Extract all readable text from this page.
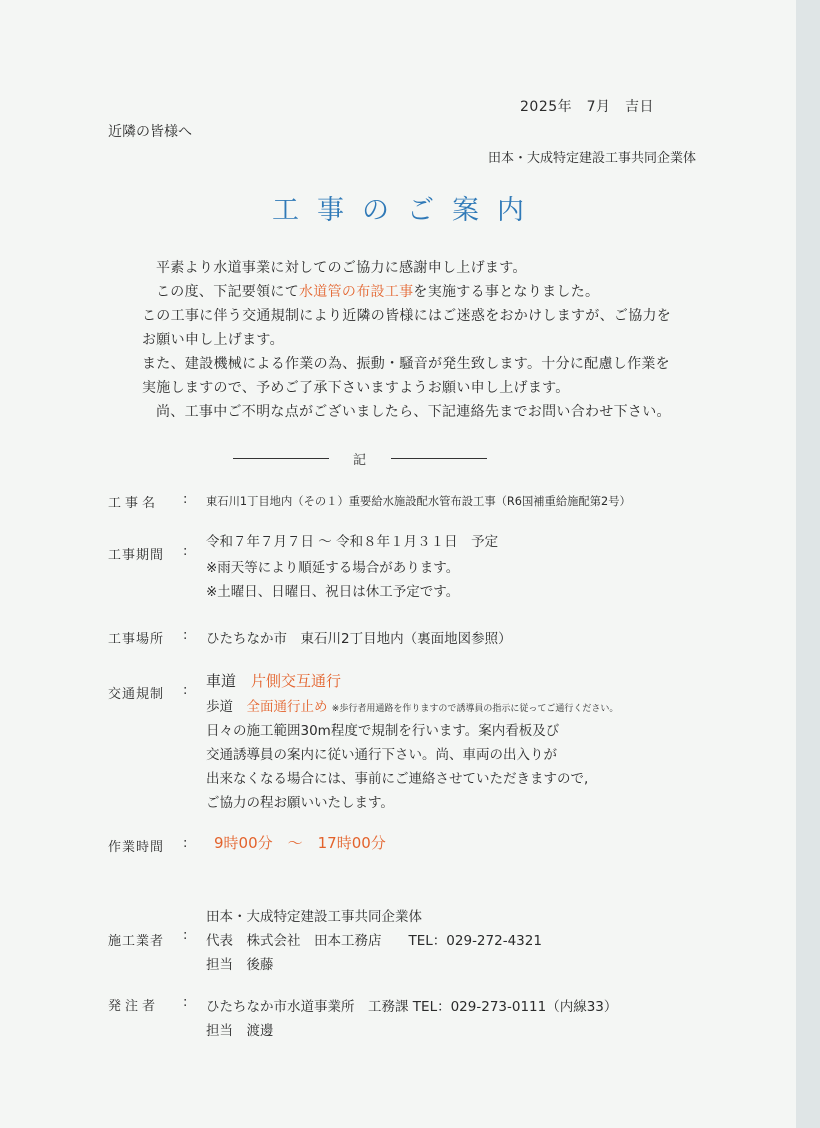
2025年　7月　吉日
近隣の皆様へ
田本・大成特定建設工事共同企業体
工事のご案内
平素より水道事業に対してのご協力に感謝申し上げます。
この度、下記要領にて水道管の布設工事を実施する事となりました。
この工事に伴う交通規制により近隣の皆様にはご迷惑をおかけしますが、ご協力を
お願い申し上げます。
また、建設機械による作業の為、振動・騒音が発生致します。十分に配慮し作業を
実施しますので、予めご了承下さいますようお願い申し上げます。
尚、工事中ご不明な点がございましたら、下記連絡先までお問い合わせ下さい。
記
工事名 : 東石川1丁目地内（その１）重要給水施設配水管布設工事（R6国補重給施配第2号）
工事期間 :
令和７年７月７日 ～ 令和８年１月３１日　予定
※雨天等により順延する場合があります。
※土曜日、日曜日、祝日は休工予定です。
工事場所 : ひたちなか市　東石川2丁目地内（裏面地図参照）
交通規制 :
車道　 片側交互通行
歩道　 全面通行止め ※歩行者用通路を作りますので誘導員の指示に従ってご通行ください。
日々の施工範囲30m程度で規制を行います。案内看板及び
交通誘導員の案内に従い通行下さい。尚、車両の出入りが
出来なくなる場合には、事前にご連絡させていただきますので,
ご協力の程お願いいたします。
作業時間 : 9時00分　～　17時00分
田本・大成特定建設工事共同企業体
施工業者 : 代表　株式会社　田本工務店　　TEL：029-272-4321
担当　後藤
発注者 : ひたちなか市水道事業所　工務課 TEL：029-273-0111（内線33）
担当　渡邊
